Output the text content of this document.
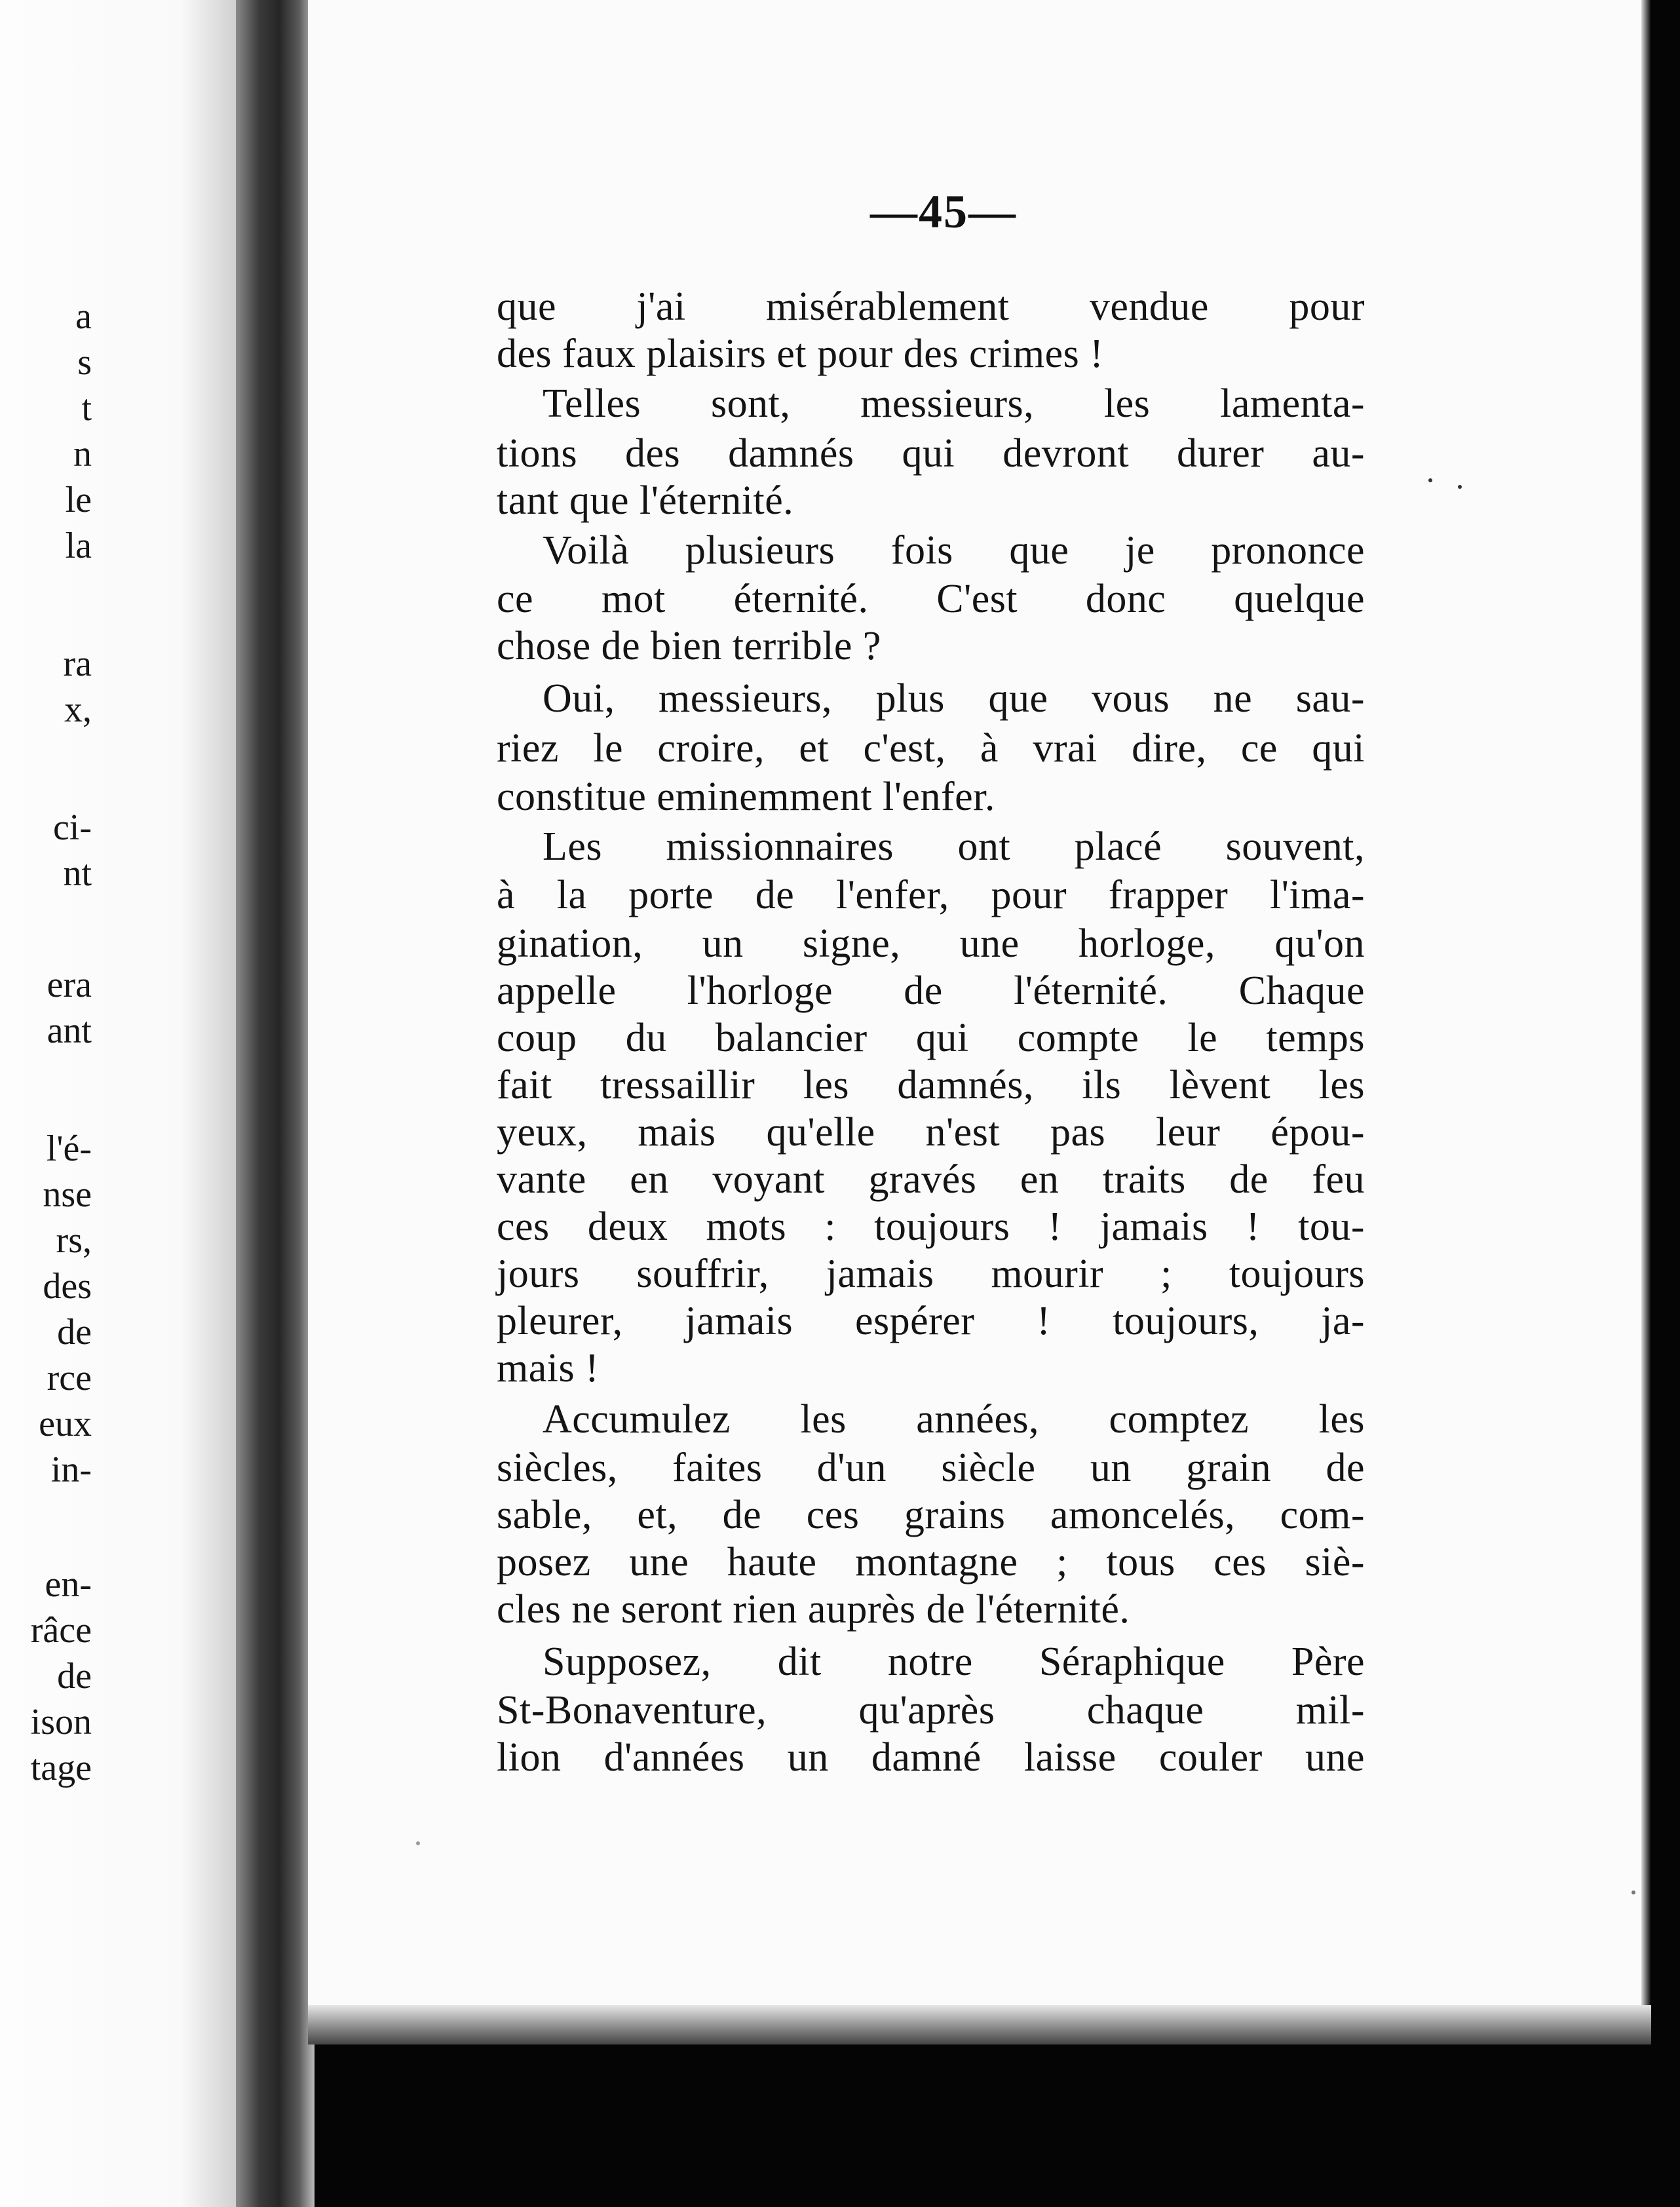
a
s
t
n
le
la
ra
x,
ci-
nt
era
ant
l'é-
nse
rs,
des
de
rce
eux
in-
en-
râce
de
ison
tage
—45—
que j'ai misérablement vendue pour
des faux plaisirs et pour des crimes !
Telles sont, messieurs, les lamenta-
tions des damnés qui devront durer au-
tant que l'éternité.
Voilà plusieurs fois que je prononce
ce mot éternité. C'est donc quelque
chose de bien terrible ?
Oui, messieurs, plus que vous ne sau-
riez le croire, et c'est, à vrai dire, ce qui
constitue eminemment l'enfer.
Les missionnaires ont placé souvent,
à la porte de l'enfer, pour frapper l'ima-
gination, un signe, une horloge, qu'on
appelle l'horloge de l'éternité. Chaque
coup du balancier qui compte le temps
fait tressaillir les damnés, ils lèvent les
yeux, mais qu'elle n'est pas leur épou-
vante en voyant gravés en traits de feu
ces deux mots : toujours ! jamais ! tou-
jours souffrir, jamais mourir ; toujours
pleurer, jamais espérer ! toujours, ja-
mais !
Accumulez les années, comptez les
siècles, faites d'un siècle un grain de
sable, et, de ces grains amoncelés, com-
posez une haute montagne ; tous ces siè-
cles ne seront rien auprès de l'éternité.
Supposez, dit notre Séraphique Père
St-Bonaventure, qu'après chaque mil-
lion d'années un damné laisse couler une
